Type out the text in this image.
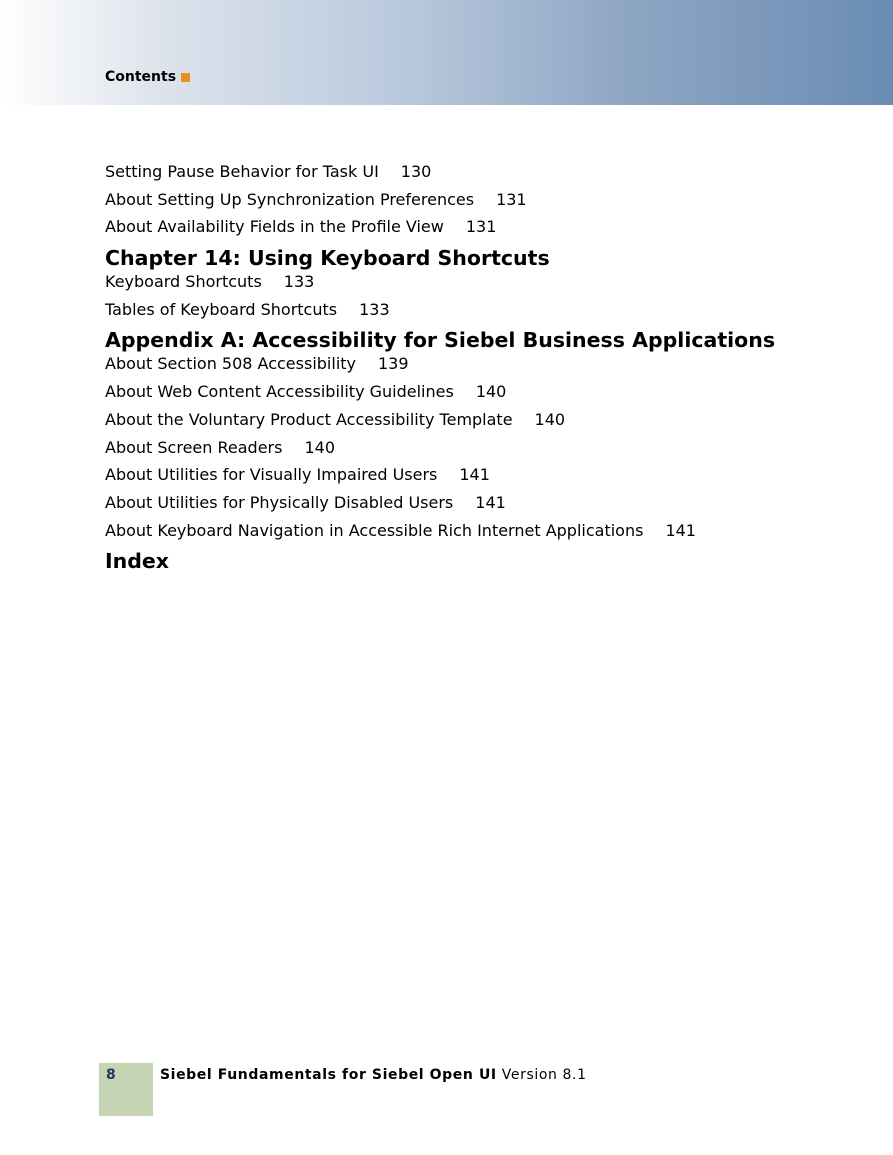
Contents
Setting Pause Behavior for Task UI 130
About Setting Up Synchronization Preferences 131
About Availability Fields in the Profile View 131
Chapter 14: Using Keyboard Shortcuts
Keyboard Shortcuts 133
Tables of Keyboard Shortcuts 133
Appendix A: Accessibility for Siebel Business Applications
About Section 508 Accessibility 139
About Web Content Accessibility Guidelines 140
About the Voluntary Product Accessibility Template 140
About Screen Readers 140
About Utilities for Visually Impaired Users 141
About Utilities for Physically Disabled Users 141
About Keyboard Navigation in Accessible Rich Internet Applications 141
Index
8	Siebel Fundamentals for Siebel Open UI Version 8.1
